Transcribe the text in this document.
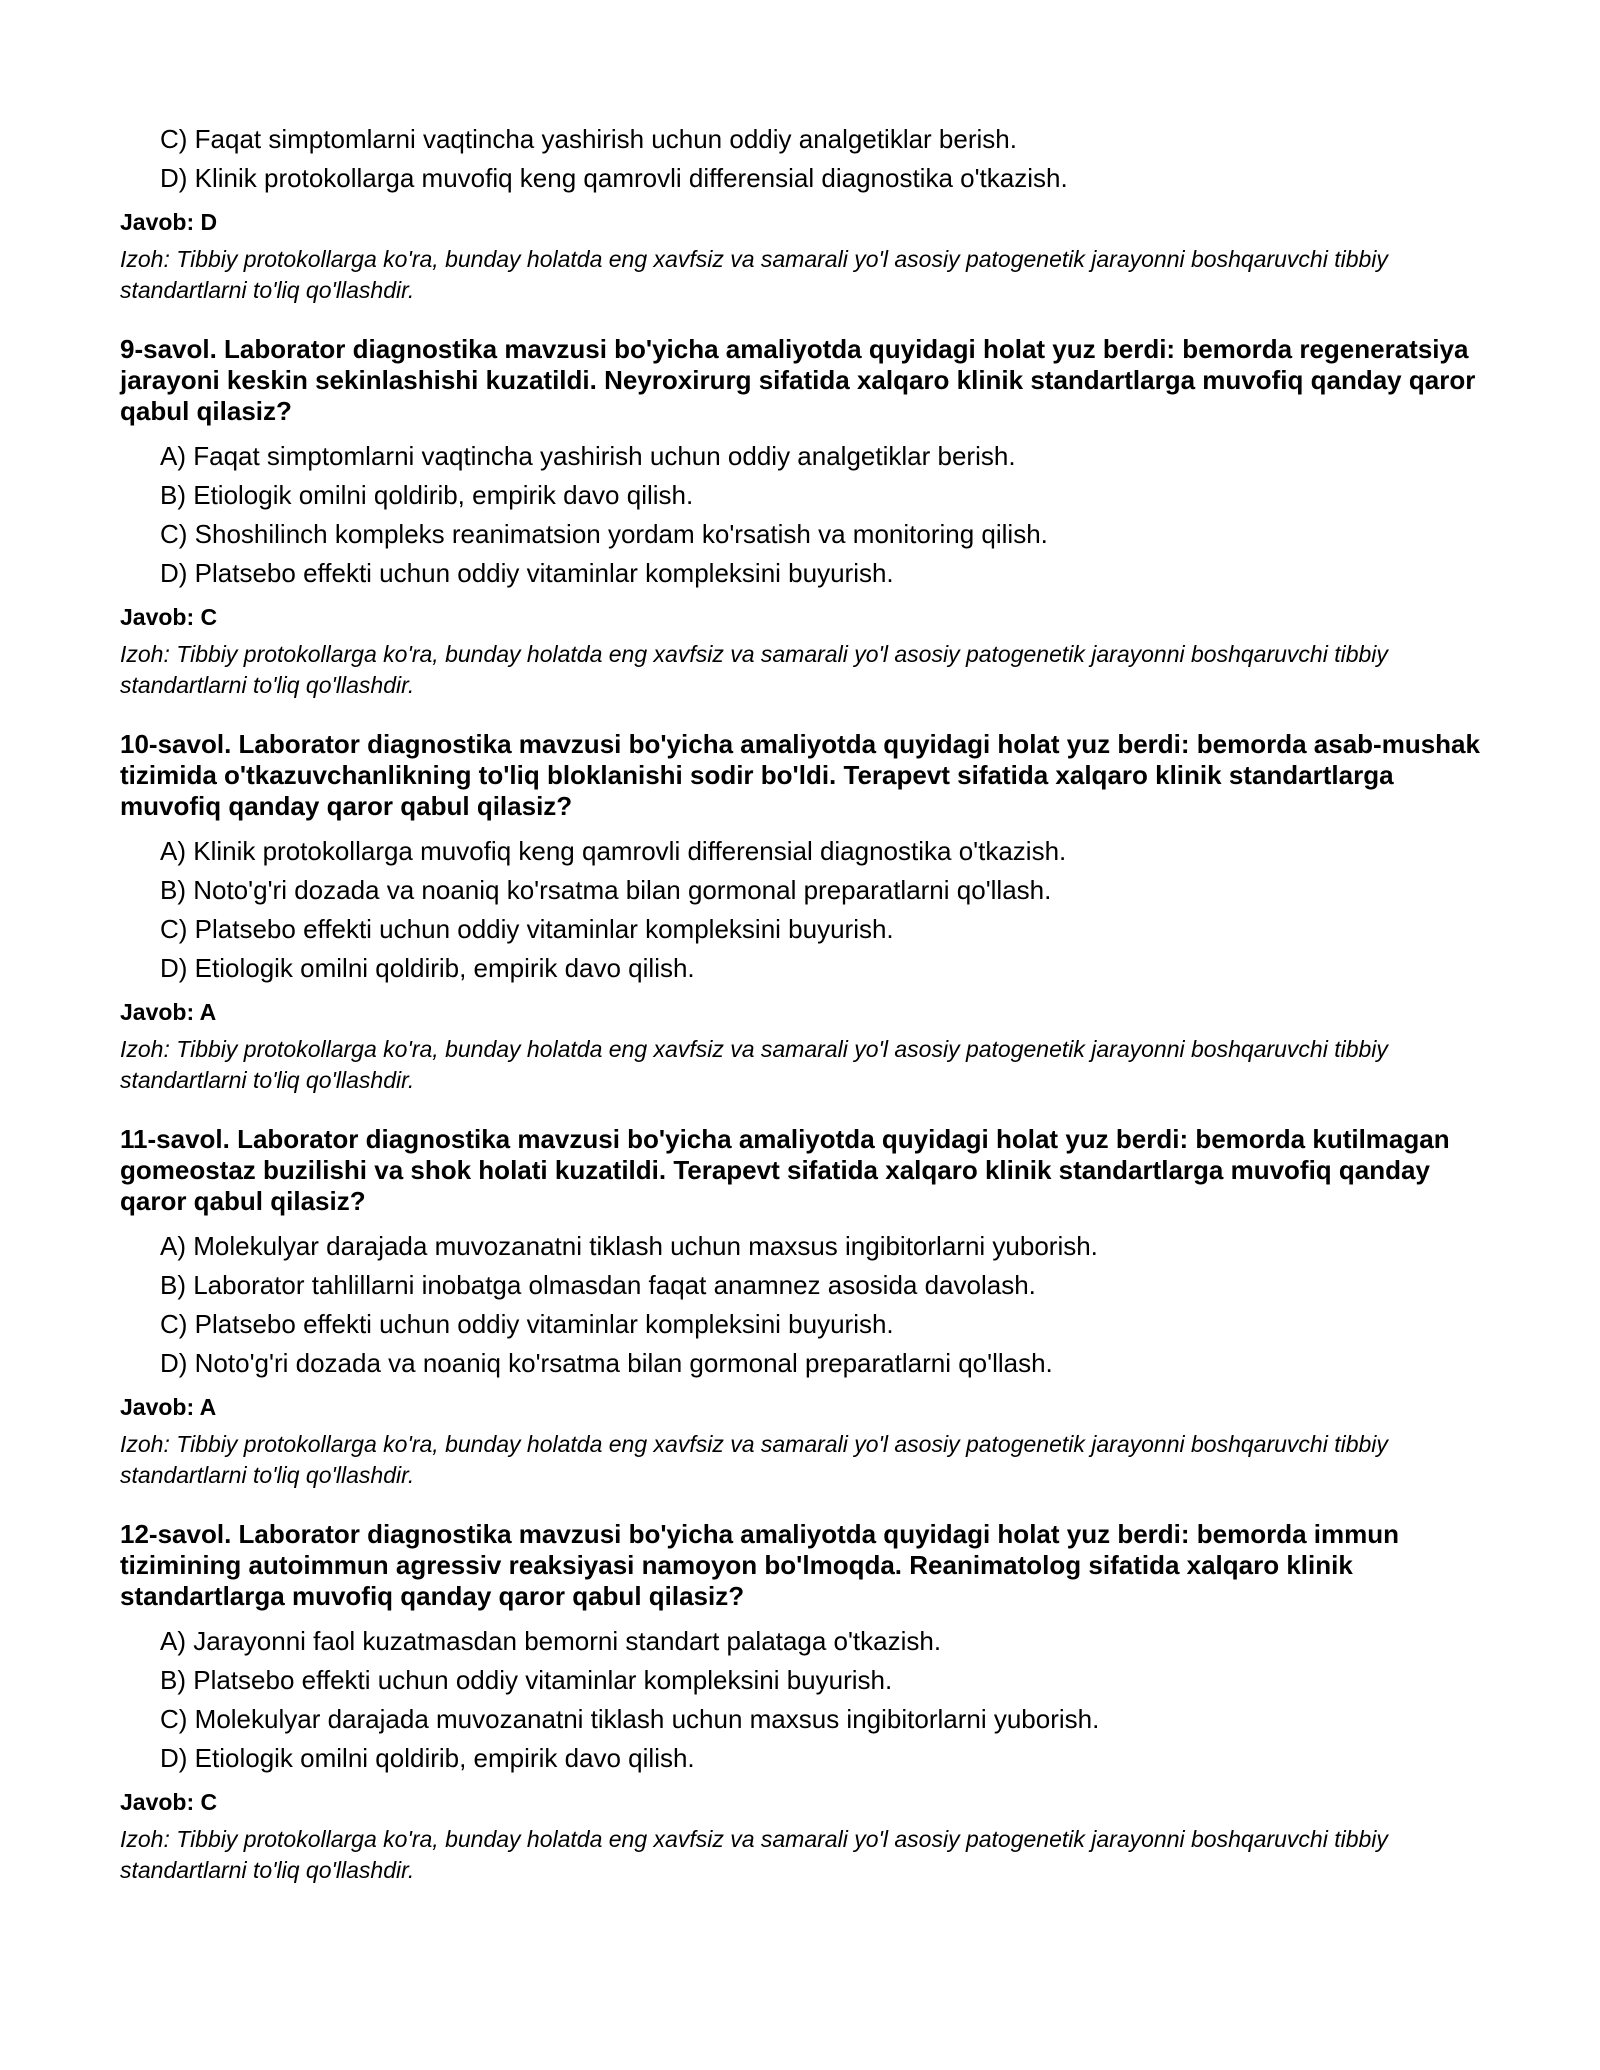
C) Faqat simptomlarni vaqtincha yashirish uchun oddiy analgetiklar berish.
D) Klinik protokollarga muvofiq keng qamrovli differensial diagnostika o'tkazish.
Javob: D
Izoh: Tibbiy protokollarga ko'ra, bunday holatda eng xavfsiz va samarali yo'l asosiy patogenetik jarayonni boshqaruvchi tibbiy standartlarni to'liq qo'llashdir.
9-savol. Laborator diagnostika mavzusi bo'yicha amaliyotda quyidagi holat yuz berdi: bemorda regeneratsiya jarayoni keskin sekinlashishi kuzatildi. Neyroxirurg sifatida xalqaro klinik standartlarga muvofiq qanday qaror qabul qilasiz?
A) Faqat simptomlarni vaqtincha yashirish uchun oddiy analgetiklar berish.
B) Etiologik omilni qoldirib, empirik davo qilish.
C) Shoshilinch kompleks reanimatsion yordam ko'rsatish va monitoring qilish.
D) Platsebo effekti uchun oddiy vitaminlar kompleksini buyurish.
Javob: C
Izoh: Tibbiy protokollarga ko'ra, bunday holatda eng xavfsiz va samarali yo'l asosiy patogenetik jarayonni boshqaruvchi tibbiy standartlarni to'liq qo'llashdir.
10-savol. Laborator diagnostika mavzusi bo'yicha amaliyotda quyidagi holat yuz berdi: bemorda asab-mushak tizimida o'tkazuvchanlikning to'liq bloklanishi sodir bo'ldi. Terapevt sifatida xalqaro klinik standartlarga muvofiq qanday qaror qabul qilasiz?
A) Klinik protokollarga muvofiq keng qamrovli differensial diagnostika o'tkazish.
B) Noto'g'ri dozada va noaniq ko'rsatma bilan gormonal preparatlarni qo'llash.
C) Platsebo effekti uchun oddiy vitaminlar kompleksini buyurish.
D) Etiologik omilni qoldirib, empirik davo qilish.
Javob: A
Izoh: Tibbiy protokollarga ko'ra, bunday holatda eng xavfsiz va samarali yo'l asosiy patogenetik jarayonni boshqaruvchi tibbiy standartlarni to'liq qo'llashdir.
11-savol. Laborator diagnostika mavzusi bo'yicha amaliyotda quyidagi holat yuz berdi: bemorda kutilmagan gomeostaz buzilishi va shok holati kuzatildi. Terapevt sifatida xalqaro klinik standartlarga muvofiq qanday qaror qabul qilasiz?
A) Molekulyar darajada muvozanatni tiklash uchun maxsus ingibitorlarni yuborish.
B) Laborator tahlillarni inobatga olmasdan faqat anamnez asosida davolash.
C) Platsebo effekti uchun oddiy vitaminlar kompleksini buyurish.
D) Noto'g'ri dozada va noaniq ko'rsatma bilan gormonal preparatlarni qo'llash.
Javob: A
Izoh: Tibbiy protokollarga ko'ra, bunday holatda eng xavfsiz va samarali yo'l asosiy patogenetik jarayonni boshqaruvchi tibbiy standartlarni to'liq qo'llashdir.
12-savol. Laborator diagnostika mavzusi bo'yicha amaliyotda quyidagi holat yuz berdi: bemorda immun tizimining autoimmun agressiv reaksiyasi namoyon bo'lmoqda. Reanimatolog sifatida xalqaro klinik standartlarga muvofiq qanday qaror qabul qilasiz?
A) Jarayonni faol kuzatmasdan bemorni standart palataga o'tkazish.
B) Platsebo effekti uchun oddiy vitaminlar kompleksini buyurish.
C) Molekulyar darajada muvozanatni tiklash uchun maxsus ingibitorlarni yuborish.
D) Etiologik omilni qoldirib, empirik davo qilish.
Javob: C
Izoh: Tibbiy protokollarga ko'ra, bunday holatda eng xavfsiz va samarali yo'l asosiy patogenetik jarayonni boshqaruvchi tibbiy standartlarni to'liq qo'llashdir.
